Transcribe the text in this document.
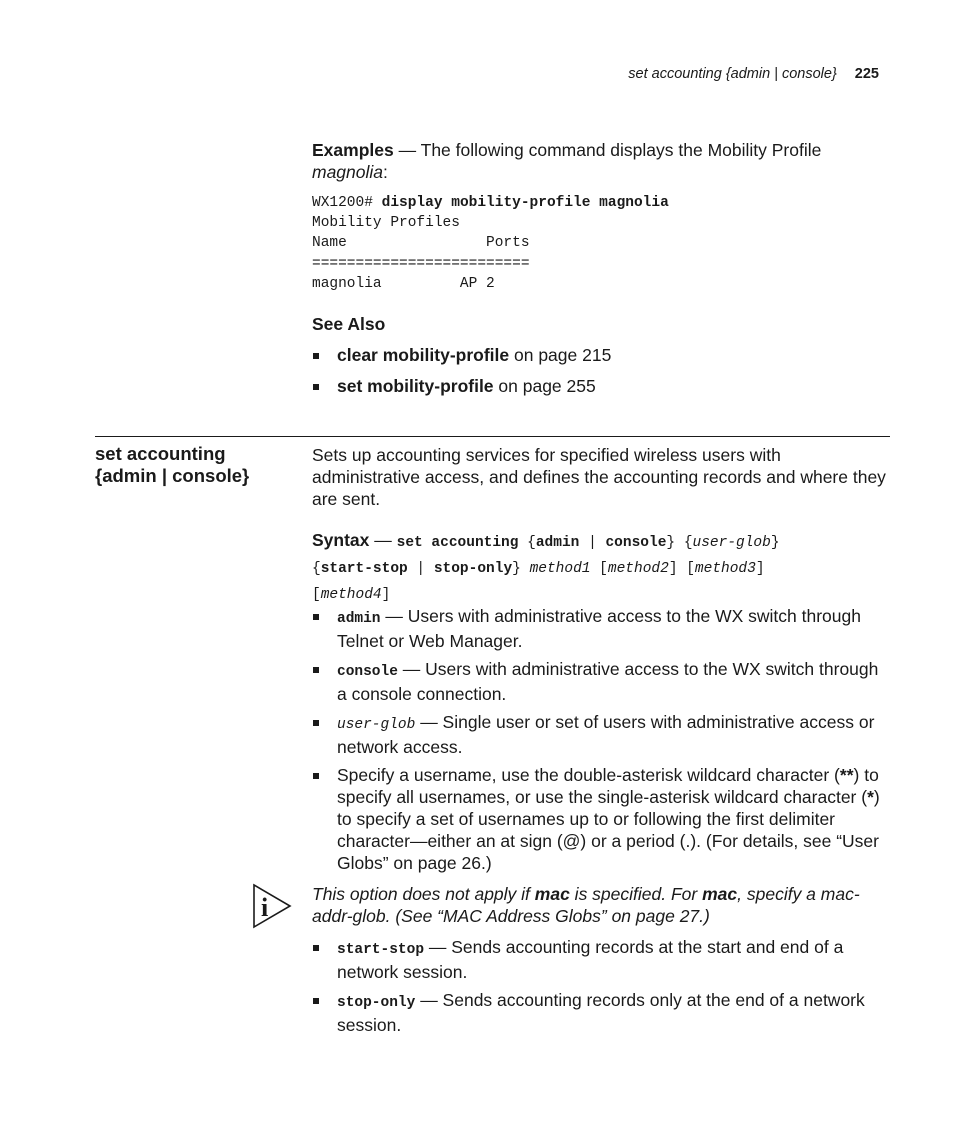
set accounting {admin | console} 225
Examples — The following command displays the Mobility Profile magnolia:
WX1200# display mobility-profile magnolia
Mobility Profiles
Name                Ports
=========================
magnolia         AP 2
See Also
clear mobility-profile on page 215
set mobility-profile on page 255
set accounting
{admin | console}
Sets up accounting services for specified wireless users with administrative access, and defines the accounting records and where they are sent.
Syntax — set accounting {admin | console} {user-glob}
{start-stop | stop-only} method1 [method2] [method3]
[method4]
admin — Users with administrative access to the WX switch through Telnet or Web Manager.
console — Users with administrative access to the WX switch through a console connection.
user-glob — Single user or set of users with administrative access or network access.
Specify a username, use the double-asterisk wildcard character (**) to specify all usernames, or use the single-asterisk wildcard character (*) to specify a set of usernames up to or following the first delimiter character—either an at sign (@) or a period (.). (For details, see “User Globs” on page 26.)
i	This option does not apply if mac is specified. For mac, specify a mac-addr-glob. (See “MAC Address Globs” on page 27.)
start-stop — Sends accounting records at the start and end of a network session.
stop-only — Sends accounting records only at the end of a network session.
